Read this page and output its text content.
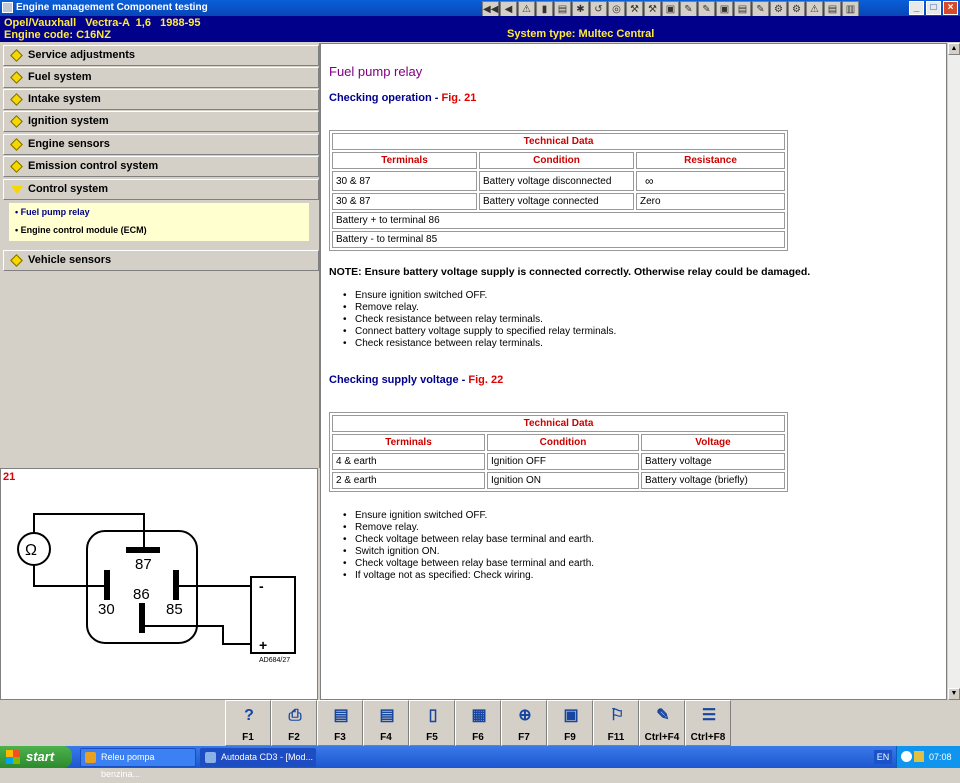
Engine management Component testing	◀◀ ◀ ⚠	▮	▤ ✱ ↺ ◎ ⚒ ⚒ ▣ ✎ ✎ ▣ ▤ ✎ ⚙ ⚙ ⚠ ▤ ▥	_	□	×
Opel/Vauxhall   Vectra-A  1,6   1988-95
Engine code: C16NZ	System type: Multec Central
Service adjustments
Fuel system
Intake system
Ignition system
Engine sensors
Emission control system
Control system
• Fuel pump relay
• Engine control module (ECM)
Vehicle sensors
21
87
30
86
85
Ω
-
+
AD684/27
Fuel pump relay
Checking operation - Fig. 21
Technical Data		
Terminals	Condition	Resistance
30 & 87	Battery voltage disconnected	∞
30 & 87	Battery voltage connected	Zero
Battery + to terminal 86		
Battery - to terminal 85		
NOTE: Ensure battery voltage supply is connected correctly. Otherwise relay could be damaged.
• Ensure ignition switched OFF.
• Remove relay.
• Check resistance between relay terminals.
• Connect battery voltage supply to specified relay terminals.
• Check resistance between relay terminals.
Checking supply voltage - Fig. 22
Technical Data		
Terminals	Condition	Voltage
4 & earth	Ignition OFF	Battery voltage
2 & earth	Ignition ON	Battery voltage (briefly)
• Ensure ignition switched OFF.
• Remove relay.
• Check voltage between relay base terminal and earth.
• Switch ignition ON.
• Check voltage between relay base terminal and earth.
• If voltage not as specified: Check wiring.
▲
▼
?
F1
⎙
F2
▤
F3
▤
F4
▯
F5
▦
F6
⊕
F7
▣
F9
⚐
F11
✎
Ctrl+F4
☰
Ctrl+F8
start	Releu pompa benzina...
Autodata CD3 - [Mod...	EN	07:08
